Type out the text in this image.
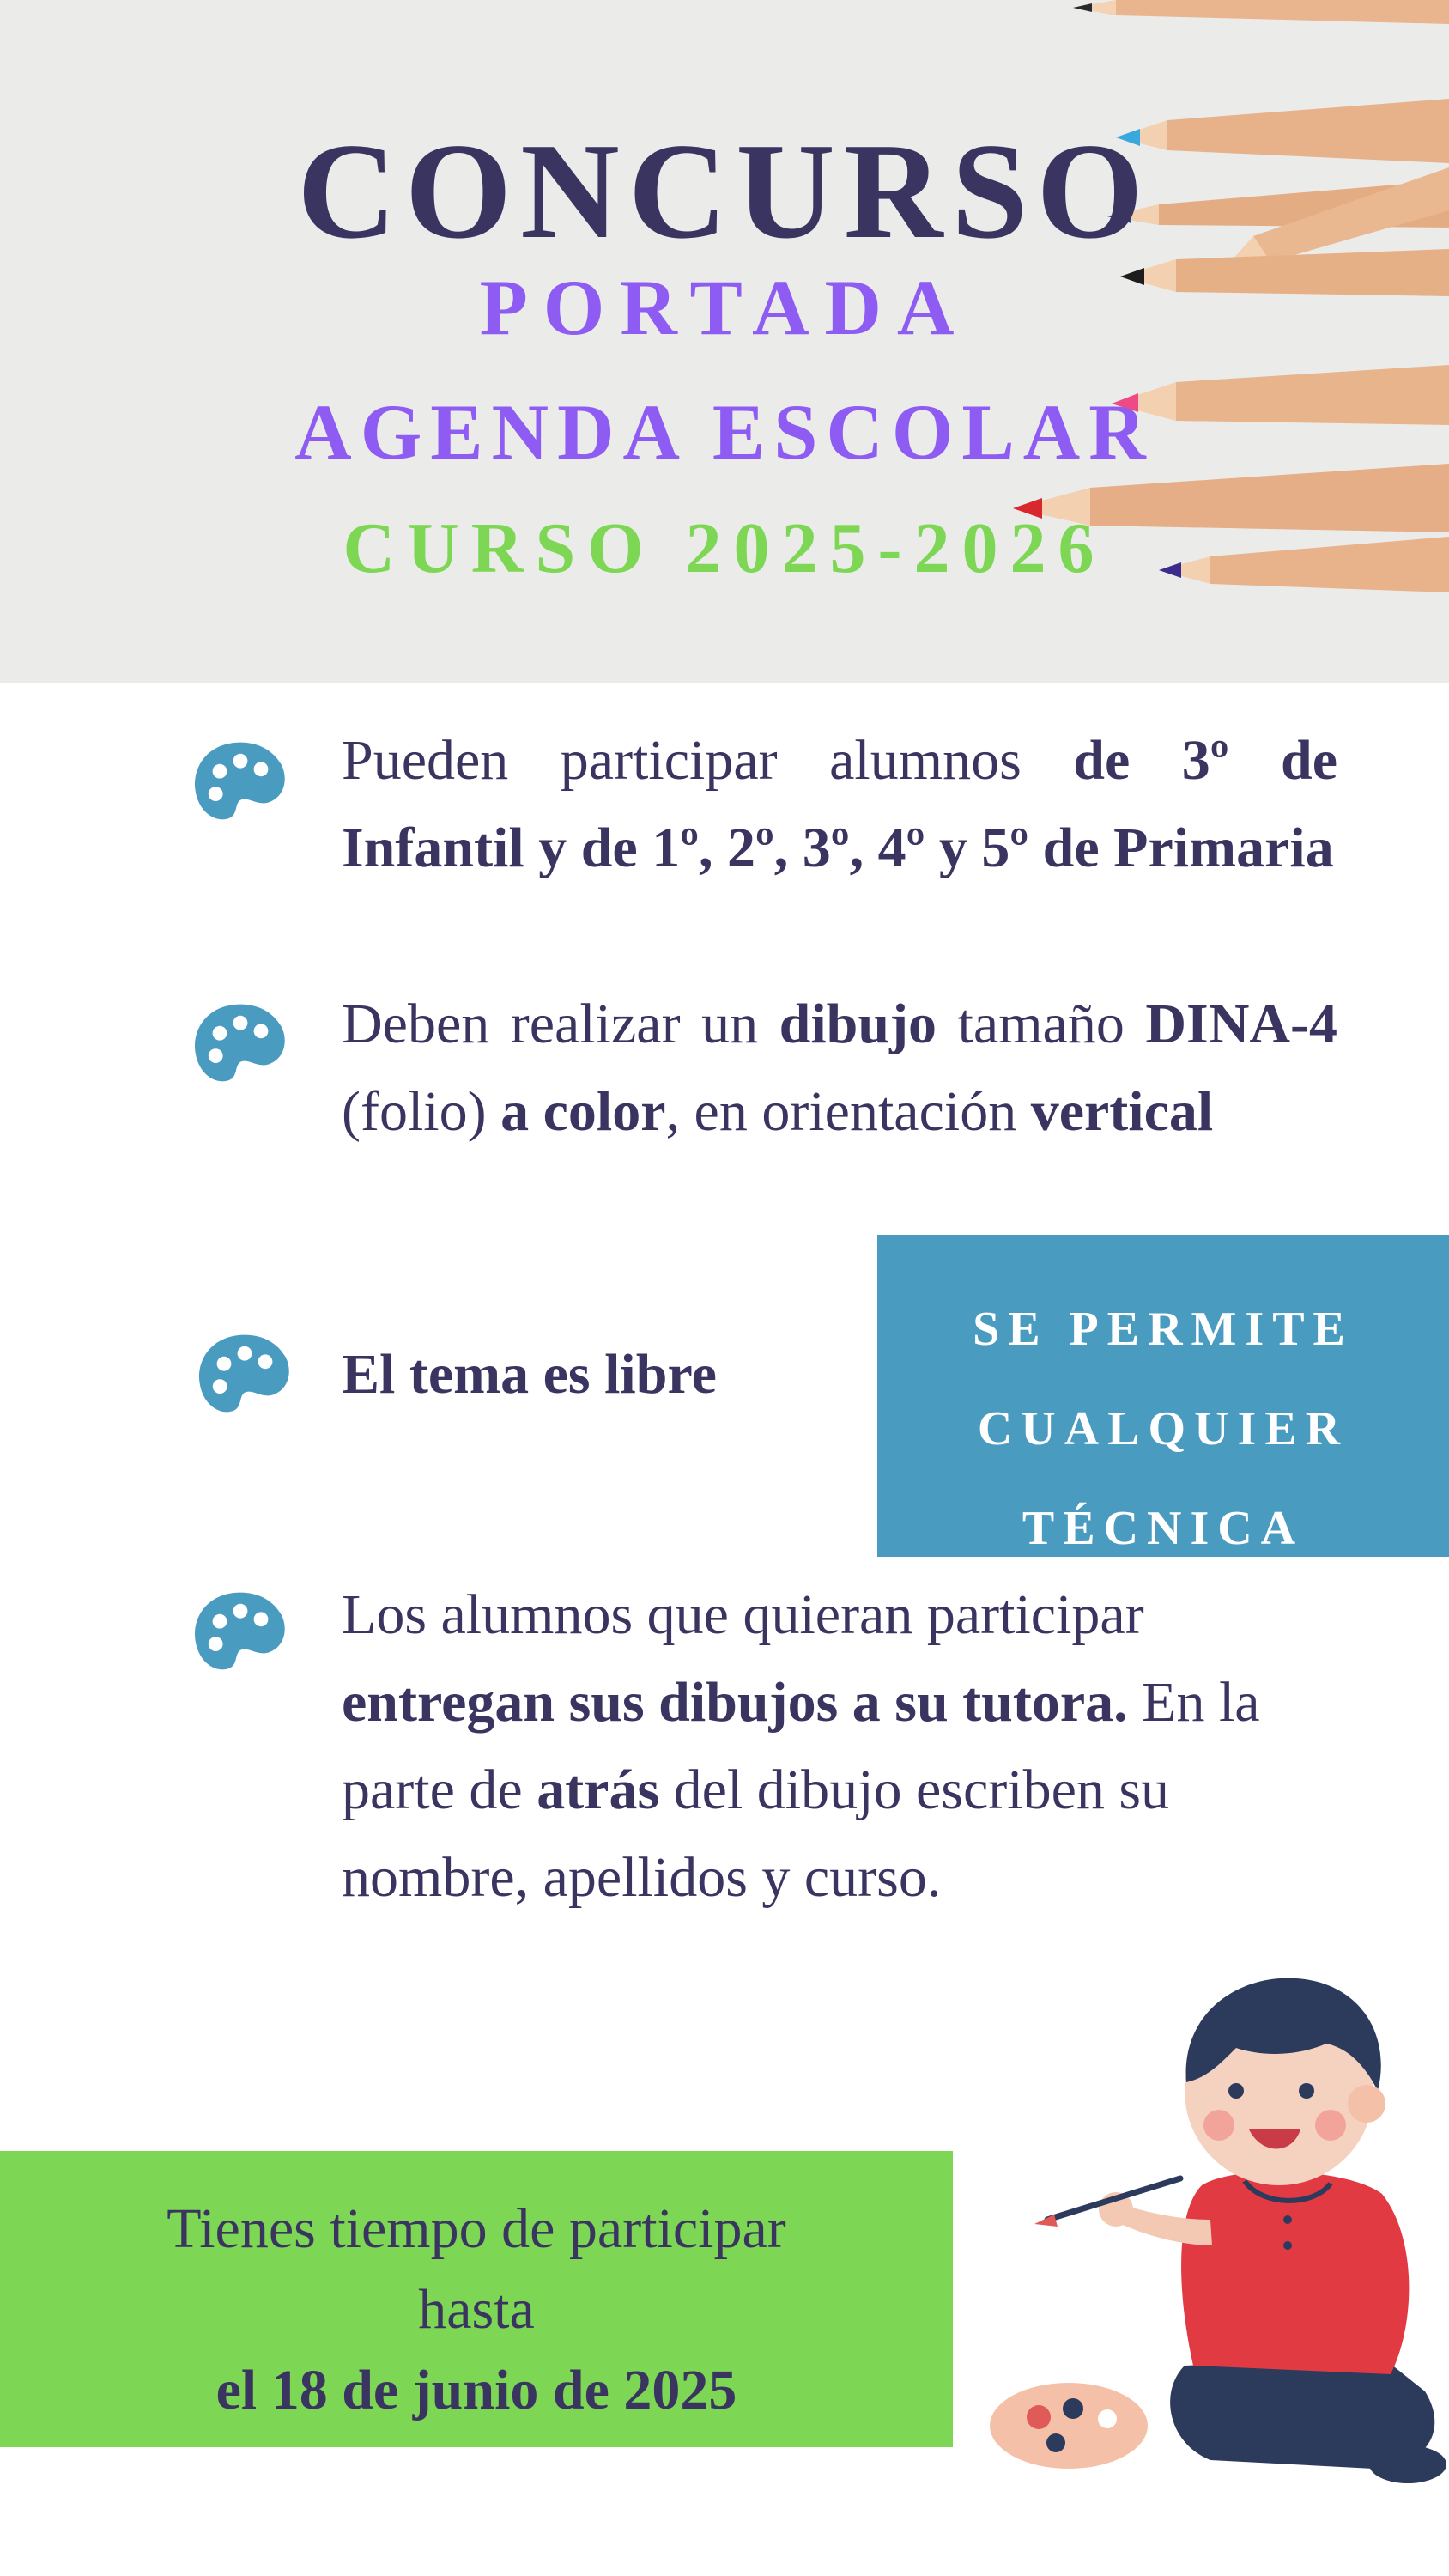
CONCURSO
PORTADA
AGENDA ESCOLAR
CURSO 2025-2026

Pueden participar alumnos de 3º de Infantil y de 1º, 2º, 3º, 4º y 5º de Primaria

Deben realizar un dibujo tamaño DINA-4 (folio) a color, en orientación vertical

El tema es libre

SE PERMITE
CUALQUIER
TÉCNICA

Los alumnos que quieran participar entregan sus dibujos a su tutora. En la parte de atrás del dibujo escriben su nombre, apellidos y curso.

Tienes tiempo de participar
hasta
el 18 de junio de 2025
